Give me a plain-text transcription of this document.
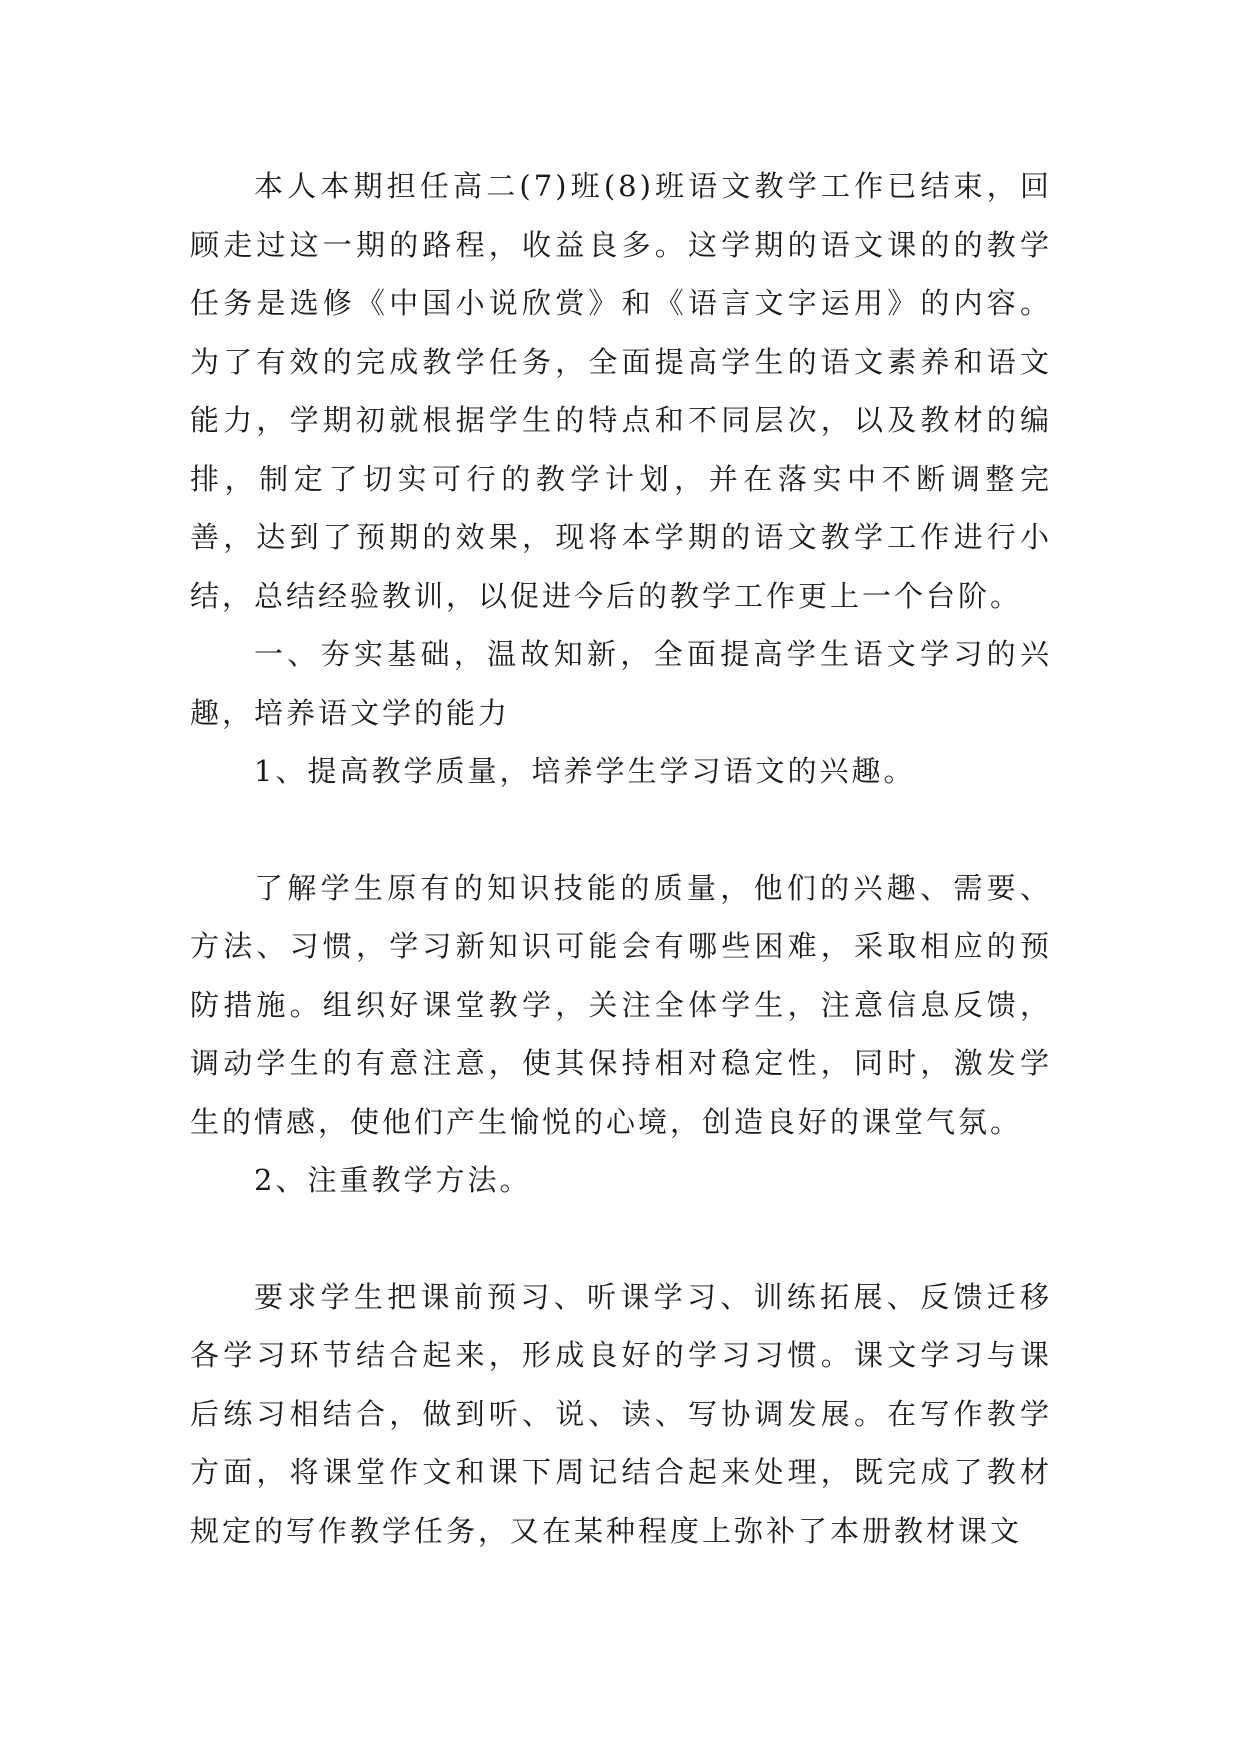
本人本期担任高二(7)班(8)班语文教学工作已结束，回顾走过这一期的路程，收益良多。这学期的语文课的的教学任务是选修《中国小说欣赏》和《语言文字运用》的内容。为了有效的完成教学任务，全面提高学生的语文素养和语文能力，学期初就根据学生的特点和不同层次，以及教材的编排，制定了切实可行的教学计划，并在落实中不断调整完善，达到了预期的效果，现将本学期的语文教学工作进行小结，总结经验教训，以促进今后的教学工作更上一个台阶。

一、夯实基础，温故知新，全面提高学生语文学习的兴趣，培养语文学的能力

1、提高教学质量，培养学生学习语文的兴趣。

了解学生原有的知识技能的质量，他们的兴趣、需要、方法、习惯，学习新知识可能会有哪些困难，采取相应的预防措施。组织好课堂教学，关注全体学生，注意信息反馈，调动学生的有意注意，使其保持相对稳定性，同时，激发学生的情感，使他们产生愉悦的心境，创造良好的课堂气氛。

2、注重教学方法。

要求学生把课前预习、听课学习、训练拓展、反馈迁移各学习环节结合起来，形成良好的学习习惯。课文学习与课后练习相结合，做到听、说、读、写协调发展。在写作教学方面，将课堂作文和课下周记结合起来处理，既完成了教材规定的写作教学任务，又在某种程度上弥补了本册教材课文
